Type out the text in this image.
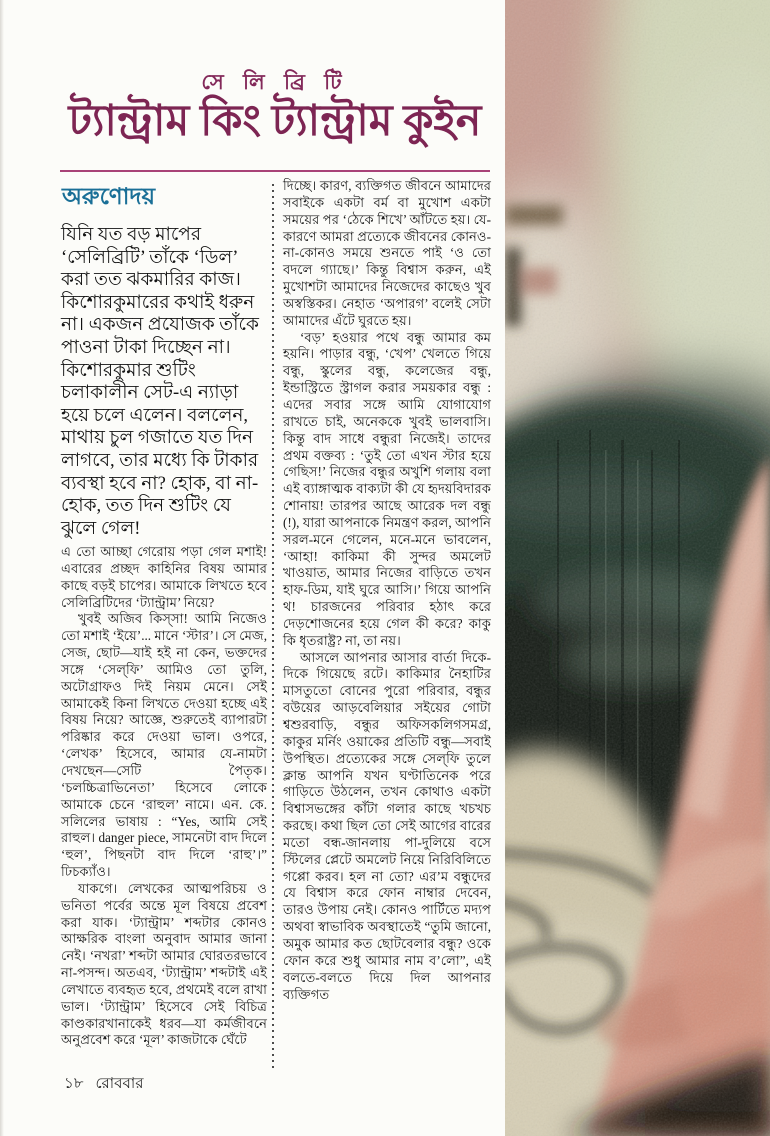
সে লি ব্রি টি
ট্যান্ট্রাম কিং ট্যান্ট্রাম কুইন
অরুণোদয়
যিনি যত বড় মাপের ‘সেলিব্রিটি’ তাঁকে ‘ডিল’ করা তত ঝকমারির কাজ। কিশোরকুমারের কথাই ধরুন না। একজন প্রযোজক তাঁকে পাওনা টাকা দিচ্ছেন না। কিশোরকুমার শুটিং চলাকালীন সেট-এ ন্যাড়া হয়ে চলে এলেন। বললেন, মাথায় চুল গজাতে যত দিন লাগবে, তার মধ্যে কি টাকার ব্যবস্থা হবে না? হোক, বা না-হোক, তত দিন শুটিং যে ঝুলে গেল!

এ তো আচ্ছা গেরোয় পড়া গেল মশাই! এবারের প্রচ্ছদ কাহিনির বিষয় আমার কাছে বড়ই চাপের। আমাকে লিখতে হবে সেলিব্রিটিদের ‘ট্যান্ট্রাম’ নিয়ে?

খুবই অজিব কিস্সা! আমি নিজেও তো মশাই ‘ইয়ে’... মানে ‘স্টার’। সে মেজ, সেজ, ছোট—যাই হই না কেন, ভক্তদের সঙ্গে ‘সেল্‌ফি’ আমিও তো তুলি, অটোগ্রাফও দিই নিয়ম মেনে। সেই আমাকেই কিনা লিখতে দেওয়া হচ্ছে এই বিষয় নিয়ে? আজ্ঞে, শুরুতেই ব্যাপারটা পরিষ্কার করে দেওয়া ভাল। ওপরে, ‘লেখক’ হিসেবে, আমার যে-নামটা দেখছেন—সেটি পৈতৃক। ‘চলচ্চিত্রাভিনেতা’ হিসেবে লোকে আমাকে চেনে ‘রাহুল’ নামে। এন. কে. সলিলের ভাষায় : “Yes, আমি সেই রাহুল। danger piece, সামনেটা বাদ দিলে ‘হুল’, পিছনটা বাদ দিলে ‘রাহু’।” ঢিচক্যাঁও।

যাকগে। লেখকের আত্মপরিচয় ও ভনিতা পর্বের অন্তে মূল বিষয়ে প্রবেশ করা যাক। ‘ট্যান্ট্রাম’ শব্দটার কোনও আক্ষরিক বাংলা অনুবাদ আমার জানা নেই। ‘নখরা’ শব্দটা আমার ঘোরতরভাবে না-পসন্দ। অতএব, ‘ট্যান্ট্রাম’ শব্দটাই এই লেখাতে ব্যবহৃত হবে, প্রথমেই বলে রাখা ভাল। ‘ট্যান্ট্রাম’ হিসেবে সেই বিচিত্র কাণ্ডকারখানাকেই ধরব—যা কর্মজীবনে অনুপ্রবেশ করে ‘মূল’ কাজটাকে ঘেঁটে

দিচ্ছে। কারণ, ব্যক্তিগত জীবনে আমাদের সবাইকে একটা বর্ম বা মুখোশ একটা সময়ের পর ‘ঠেকে শিখে’ আঁটতে হয়। যে-কারণে আমরা প্রত্যেকে জীবনের কোনও-না-কোনও সময়ে শুনতে পাই ‘ও তো বদলে গ্যাছে।’ কিন্তু বিশ্বাস করুন, এই মুখোশটা আমাদের নিজেদের কাছেও খুব অস্বস্তিকর। নেহাত ‘অপারগ’ বলেই সেটা আমাদের এঁটে ঘুরতে হয়।

‘বড়’ হওয়ার পথে বন্ধু আমার কম হয়নি। পাড়ার বন্ধু, ‘খেপ’ খেলতে গিয়ে বন্ধু, স্কুলের বন্ধু, কলেজের বন্ধু, ইন্ডাস্ট্রিতে স্ট্রাগল করার সময়কার বন্ধু : এদের সবার সঙ্গে আমি যোগাযোগ রাখতে চাই, অনেককে খুবই ভালবাসি। কিন্তু বাদ সাধে বন্ধুরা নিজেই। তাদের প্রথম বক্তব্য : ‘তুই তো এখন স্টার হয়ে গেছিস!’ নিজের বন্ধুর অখুশি গলায় বলা এই ব্যাঙ্গাত্মক বাক্যটা কী যে হৃদয়বিদারক শোনায়! তারপর আছে আরেক দল বন্ধু (!), যারা আপনাকে নিমন্ত্রণ করল, আপনি সরল-মনে গেলেন, মনে-মনে ভাবলেন, ‘আহা! কাকিমা কী সুন্দর অমলেট খাওয়াত, আমার নিজের বাড়িতে তখন হাফ-ডিম, যাই ঘুরে আসি।’ গিয়ে আপনি থ! চারজনের পরিবার হঠাৎ করে দেড়শোজনের হয়ে গেল কী করে? কাকু কি ধৃতরাষ্ট্র? না, তা নয়।

আসলে আপনার আসার বার্তা দিকে-দিকে গিয়েছে রটে। কাকিমার নৈহাটির মাসতুতো বোনের পুরো পরিবার, বন্ধুর বউয়ের আড়বেলিয়ার সইয়ের গোটা শ্বশুরবাড়ি, বন্ধুর অফিসকলিগসমগ্র, কাকুর মর্নিং ওয়াকের প্রতিটি বন্ধু—সবাই উপস্থিত। প্রত্যেকের সঙ্গে সেল্‌ফি তুলে ক্লান্ত আপনি যখন ঘণ্টাতিনেক পরে গাড়িতে উঠলেন, তখন কোথাও একটা বিশ্বাসভঙ্গের কাঁটা গলার কাছে খচখচ করছে। কথা ছিল তো সেই আগের বারের মতো বন্ধ-জানলায় পা-দুলিয়ে বসে স্টিলের প্লেটে অমলেট নিয়ে নিরিবিলিতে গপ্পো করব। হল না তো? এর’ম বন্ধুদের যে বিশ্বাস করে ফোন নাম্বার দেবেন, তারও উপায় নেই। কোনও পার্টিতে মদ্যপ অথবা স্বাভাবিক অবস্থাতেই “তুমি জানো, অমুক আমার কত ছোটবেলার বন্ধু? ওকে ফোন করে শুধু আমার নাম ব’লো”, এই বলতে-বলতে দিয়ে দিল আপনার ব্যক্তিগত

১৮ রোববার
